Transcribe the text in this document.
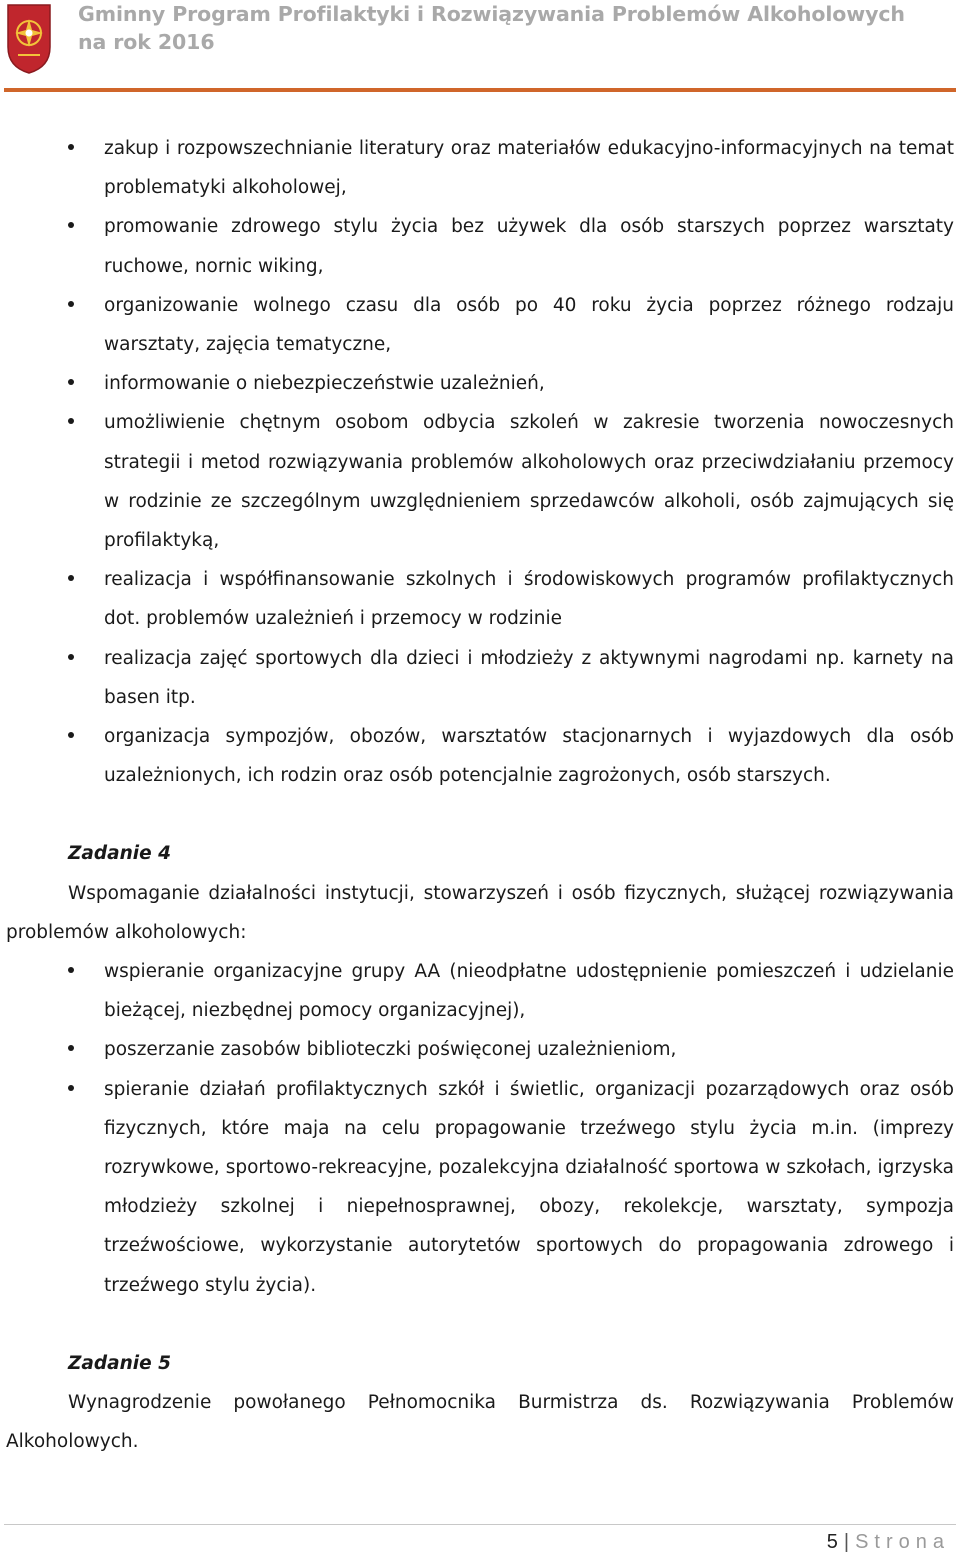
Gminny Program Profilaktyki i Rozwiązywania Problemów Alkoholowych
na rok 2016
zakup i rozpowszechnianie literatury oraz materiałów edukacyjno-informacyjnych na temat problematyki alkoholowej,
promowanie zdrowego stylu życia bez używek dla osób starszych poprzez warsztaty ruchowe, nornic wiking,
organizowanie wolnego czasu dla osób po 40 roku życia poprzez różnego rodzaju warsztaty, zajęcia tematyczne,
informowanie o niebezpieczeństwie uzależnień,
umożliwienie chętnym osobom odbycia szkoleń w zakresie tworzenia nowoczesnych strategii i metod rozwiązywania problemów alkoholowych oraz przeciwdziałaniu przemocy w rodzinie ze szczególnym uwzględnieniem sprzedawców alkoholi, osób zajmujących się profilaktyką,
realizacja i współfinansowanie szkolnych i środowiskowych programów profilaktycznych dot. problemów uzależnień i przemocy w rodzinie
realizacja zajęć sportowych dla dzieci i młodzieży z aktywnymi nagrodami np. karnety na basen itp.
organizacja sympozjów, obozów, warsztatów stacjonarnych i wyjazdowych dla osób uzależnionych, ich rodzin oraz osób potencjalnie zagrożonych, osób starszych.

Zadanie 4

Wspomaganie działalności instytucji, stowarzyszeń i osób fizycznych, służącej rozwiązywania problemów alkoholowych:

wspieranie organizacyjne grupy AA (nieodpłatne udostępnienie pomieszczeń i udzielanie bieżącej, niezbędnej pomocy organizacyjnej),
poszerzanie zasobów biblioteczki poświęconej uzależnieniom,
spieranie działań profilaktycznych szkół i świetlic, organizacji pozarządowych oraz osób fizycznych, które maja na celu propagowanie trzeźwego stylu życia m.in. (imprezy rozrywkowe, sportowo-rekreacyjne, pozalekcyjna działalność sportowa w szkołach, igrzyska młodzieży szkolnej i niepełnosprawnej, obozy, rekolekcje, warsztaty, sympozja trzeźwościowe, wykorzystanie autorytetów sportowych do propagowania zdrowego i trzeźwego stylu życia).

Zadanie 5

Wynagrodzenie powołanego Pełnomocnika Burmistrza ds. Rozwiązywania Problemów Alkoholowych.

5 | Strona
